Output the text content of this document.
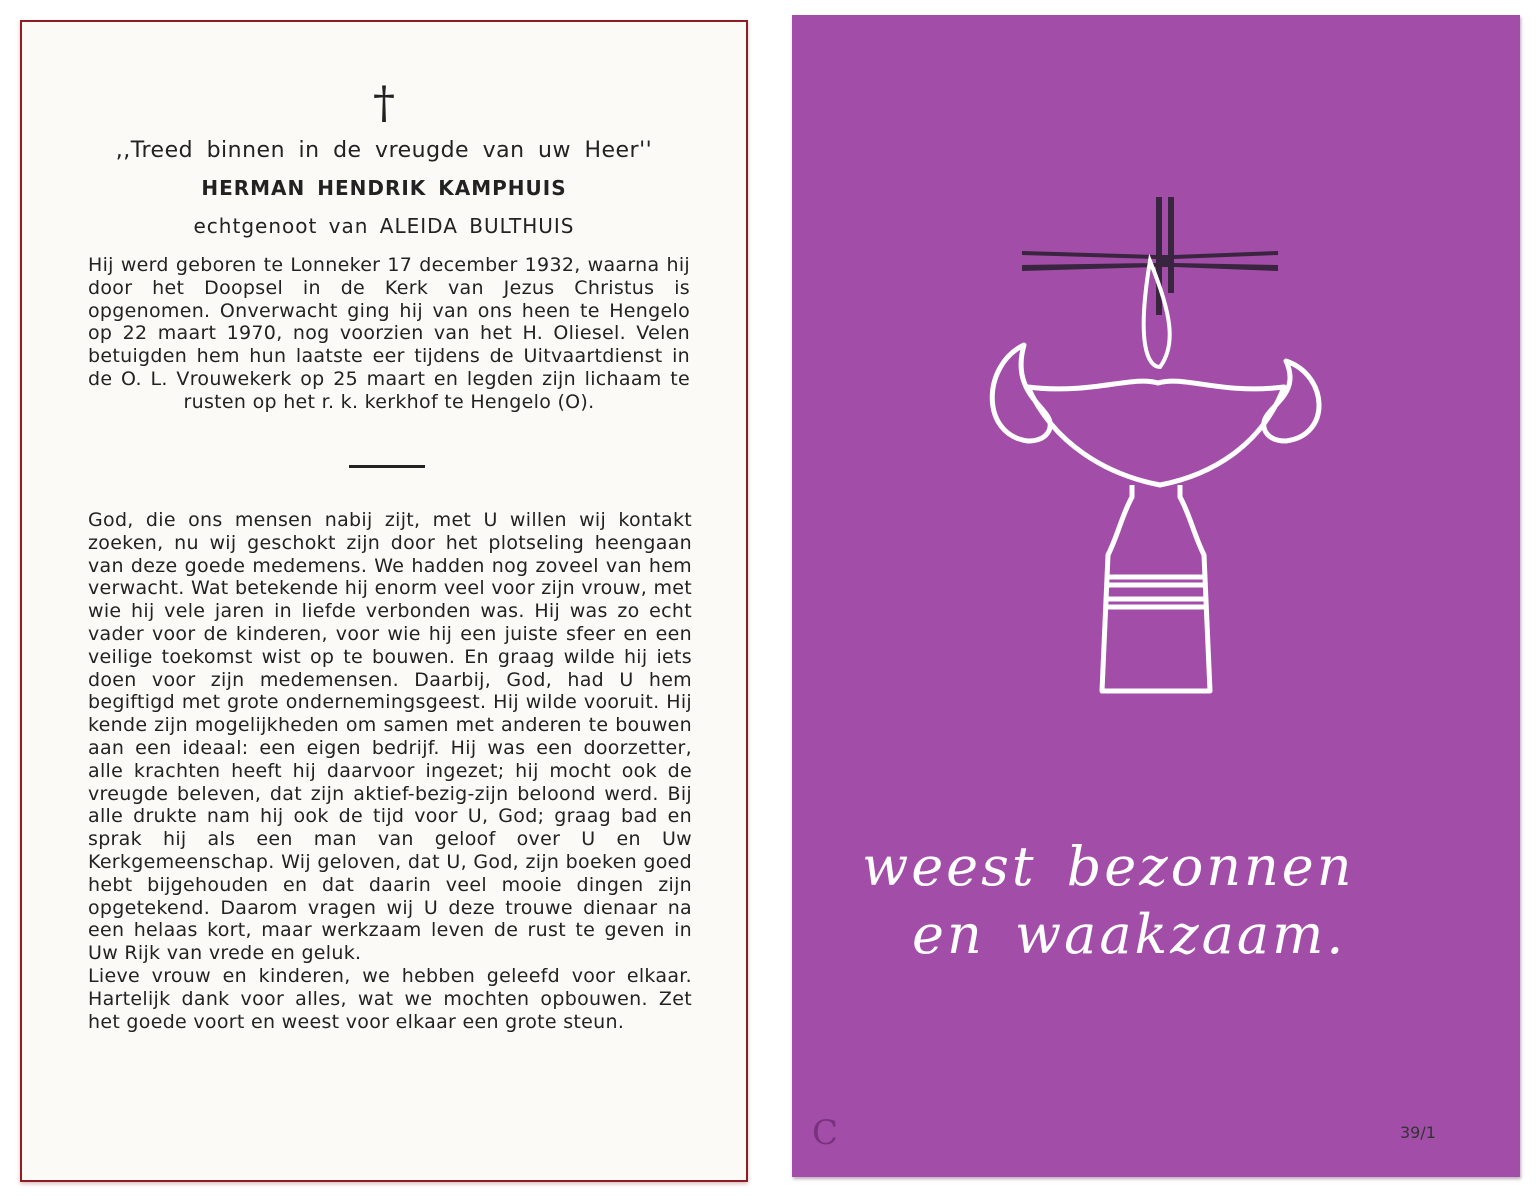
†
,,Treed binnen in de vreugde van uw Heer''
HERMAN HENDRIK KAMPHUIS
echtgenoot van ALEIDA BULTHUIS
Hij werd geboren te Lonneker 17 december 1932, waarna hij door het Doopsel in de Kerk van Jezus Christus is opgenomen. Onverwacht ging hij van ons heen te Hengelo op 22 maart 1970, nog voorzien van het H. Oliesel. Velen betuigden hem hun laatste eer tijdens de Uitvaartdienst in de O. L. Vrouwekerk op 25 maart en legden zijn lichaam te rusten op het r. k. kerkhof te Hengelo (O).

God, die ons mensen nabij zijt, met U willen wij kontakt zoeken, nu wij geschokt zijn door het plotseling heengaan van deze goede medemens. We hadden nog zoveel van hem verwacht. Wat betekende hij enorm veel voor zijn vrouw, met wie hij vele jaren in liefde verbonden was. Hij was zo echt vader voor de kinderen, voor wie hij een juiste sfeer en een veilige toekomst wist op te bouwen. En graag wilde hij iets doen voor zijn medemensen. Daarbij, God, had U hem begiftigd met grote ondernemingsgeest. Hij wilde vooruit. Hij kende zijn mogelijkheden om samen met anderen te bouwen aan een ideaal: een eigen bedrijf. Hij was een doorzetter, alle krachten heeft hij daarvoor ingezet; hij mocht ook de vreugde beleven, dat zijn aktief-bezig-zijn beloond werd. Bij alle drukte nam hij ook de tijd voor U, God; graag bad en sprak hij als een man van geloof over U en Uw Kerkgemeenschap. Wij geloven, dat U, God, zijn boeken goed hebt bijgehouden en dat daarin veel mooie dingen zijn opgetekend. Daarom vragen wij U deze trouwe dienaar na een helaas kort, maar werkzaam leven de rust te geven in Uw Rijk van vrede en geluk.

Lieve vrouw en kinderen, we hebben geleefd voor elkaar. Hartelijk dank voor alles, wat we mochten opbouwen. Zet het goede voort en weest voor elkaar een grote steun.

weest bezonnen
en waakzaam.
C	39/1
